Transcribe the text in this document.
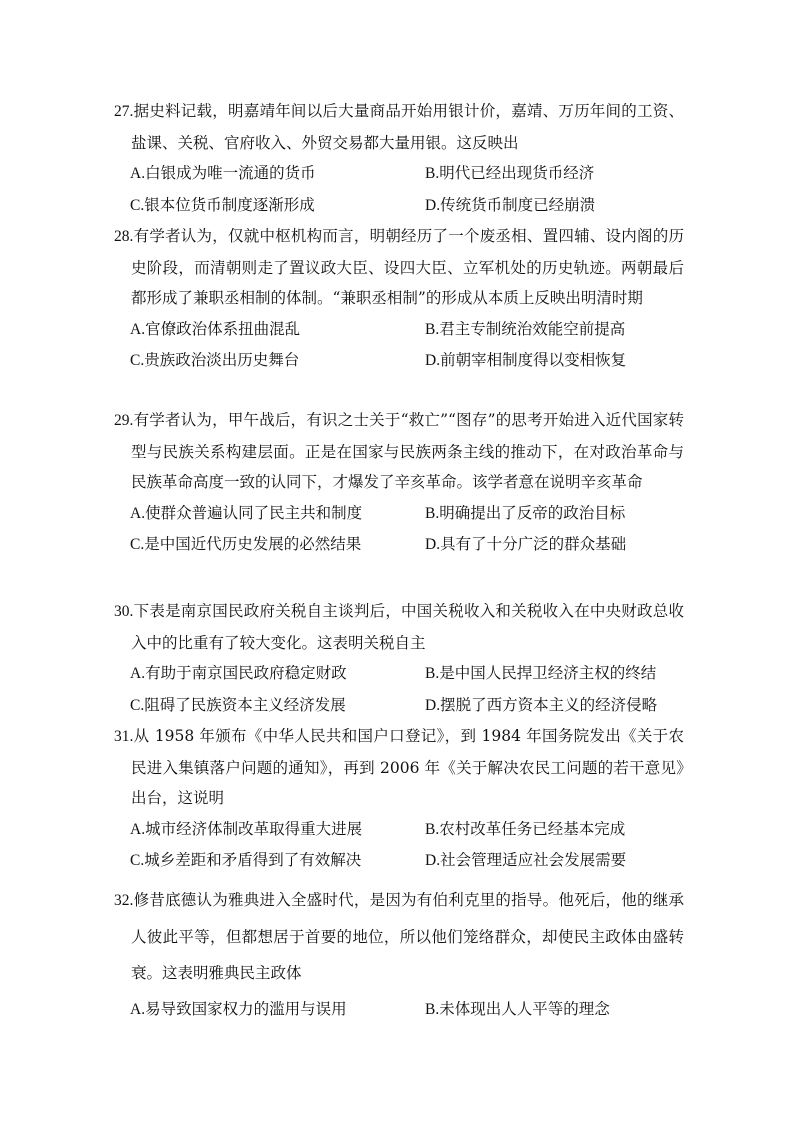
27.据史料记载，明嘉靖年间以后大量商品开始用银计价，嘉靖、万历年间的工资、盐课、关税、官府收入、外贸交易都大量用银。这反映出

A.白银成为唯一流通的货币	B.明代已经出现货币经济
C.银本位货币制度逐渐形成	D.传统货币制度已经崩溃

28.有学者认为，仅就中枢机构而言，明朝经历了一个废丞相、置四辅、设内阁的历史阶段，而清朝则走了置议政大臣、设四大臣、立军机处的历史轨迹。两朝最后都形成了兼职丞相制的体制。“兼职丞相制”的形成从本质上反映出明清时期

A.官僚政治体系扭曲混乱	B.君主专制统治效能空前提高
C.贵族政治淡出历史舞台	D.前朝宰相制度得以变相恢复

29.有学者认为，甲午战后，有识之士关于“救亡”“图存”的思考开始进入近代国家转型与民族关系构建层面。正是在国家与民族两条主线的推动下，在对政治革命与民族革命高度一致的认同下，才爆发了辛亥革命。该学者意在说明辛亥革命

A.使群众普遍认同了民主共和制度	B.明确提出了反帝的政治目标
C.是中国近代历史发展的必然结果	D.具有了十分广泛的群众基础

30.下表是南京国民政府关税自主谈判后，中国关税收入和关税收入在中央财政总收入中的比重有了较大变化。这表明关税自主

A.有助于南京国民政府稳定财政	B.是中国人民捍卫经济主权的终结
C.阻碍了民族资本主义经济发展	D.摆脱了西方资本主义的经济侵略

31.从 1958 年颁布《中华人民共和国户口登记》，到 1984 年国务院发出《关于农民进入集镇落户问题的通知》，再到 2006 年《关于解决农民工问题的若干意见》出台，这说明

A.城市经济体制改革取得重大进展	B.农村改革任务已经基本完成
C.城乡差距和矛盾得到了有效解决	D.社会管理适应社会发展需要

32.修昔底德认为雅典进入全盛时代，是因为有伯利克里的指导。他死后，他的继承人彼此平等，但都想居于首要的地位，所以他们笼络群众，却使民主政体由盛转衰。这表明雅典民主政体

A.易导致国家权力的滥用与误用	B.未体现出人人平等的理念
